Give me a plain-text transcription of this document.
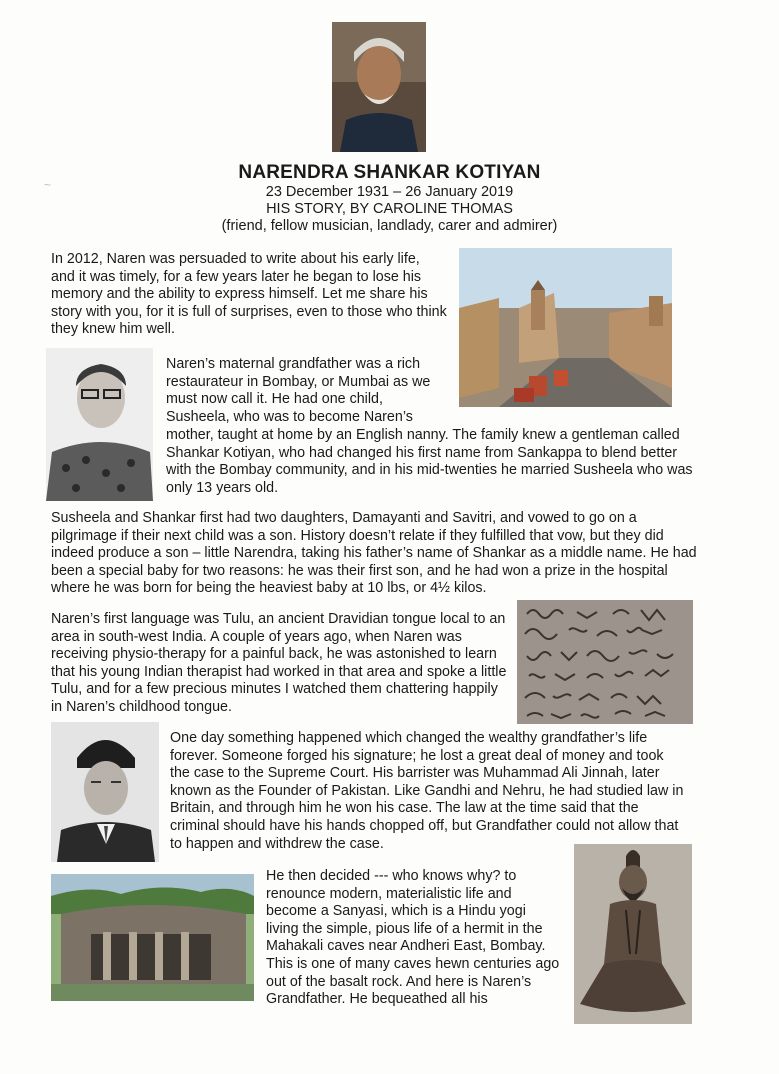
NARENDRA SHANKAR KOTIYAN
23 December 1931 – 26 January 2019
HIS STORY, BY CAROLINE THOMAS
(friend, fellow musician, landlady, carer and admirer)

In 2012, Naren was persuaded to write about his early life, and it was timely, for a few years later he began to lose his memory and the ability to express himself. Let me share his story with you, for it is full of surprises, even to those who think they knew him well.

Naren’s maternal grandfather was a rich restaurateur in Bombay, or Mumbai as we must now call it. He had one child, Susheela, who was to become Naren’s

mother, taught at home by an English nanny. The family knew a gentleman called Shankar Kotiyan, who had changed his first name from Sankappa to blend better with the Bombay community, and in his mid-twenties he married Susheela who was only 13 years old.

Susheela and Shankar first had two daughters, Damayanti and Savitri, and vowed to go on a pilgrimage if their next child was a son. History doesn’t relate if they fulfilled that vow, but they did indeed produce a son – little Narendra, taking his father’s name of Shankar as a middle name. He had been a special baby for two reasons: he was their first son, and he had won a prize in the hospital where he was born for being the heaviest baby at 10 lbs, or 4½ kilos.

Naren’s first language was Tulu, an ancient Dravidian tongue local to an area in south-west India. A couple of years ago, when Naren was receiving physio-therapy for a painful back, he was astonished to learn that his young Indian therapist had worked in that area and spoke a little Tulu, and for a few precious minutes I watched them chattering happily in Naren’s childhood tongue.

One day something happened which changed the wealthy grandfather’s life forever. Someone forged his signature; he lost a great deal of money and took the case to the Supreme Court. His barrister was Muhammad Ali Jinnah, later known as the Founder of Pakistan. Like Gandhi and Nehru, he had studied law in Britain, and through him he won his case. The law at the time said that the criminal should have his hands chopped off, but Grandfather could not allow that to happen and withdrew the case.

He then decided --- who knows why? to renounce modern, materialistic life and become a Sanyasi, which is a Hindu yogi living the simple, pious life of a hermit in the Mahakali caves near Andheri East, Bombay. This is one of many caves hewn centuries ago out of the basalt rock. And here is Naren’s Grandfather. He bequeathed all his

~
